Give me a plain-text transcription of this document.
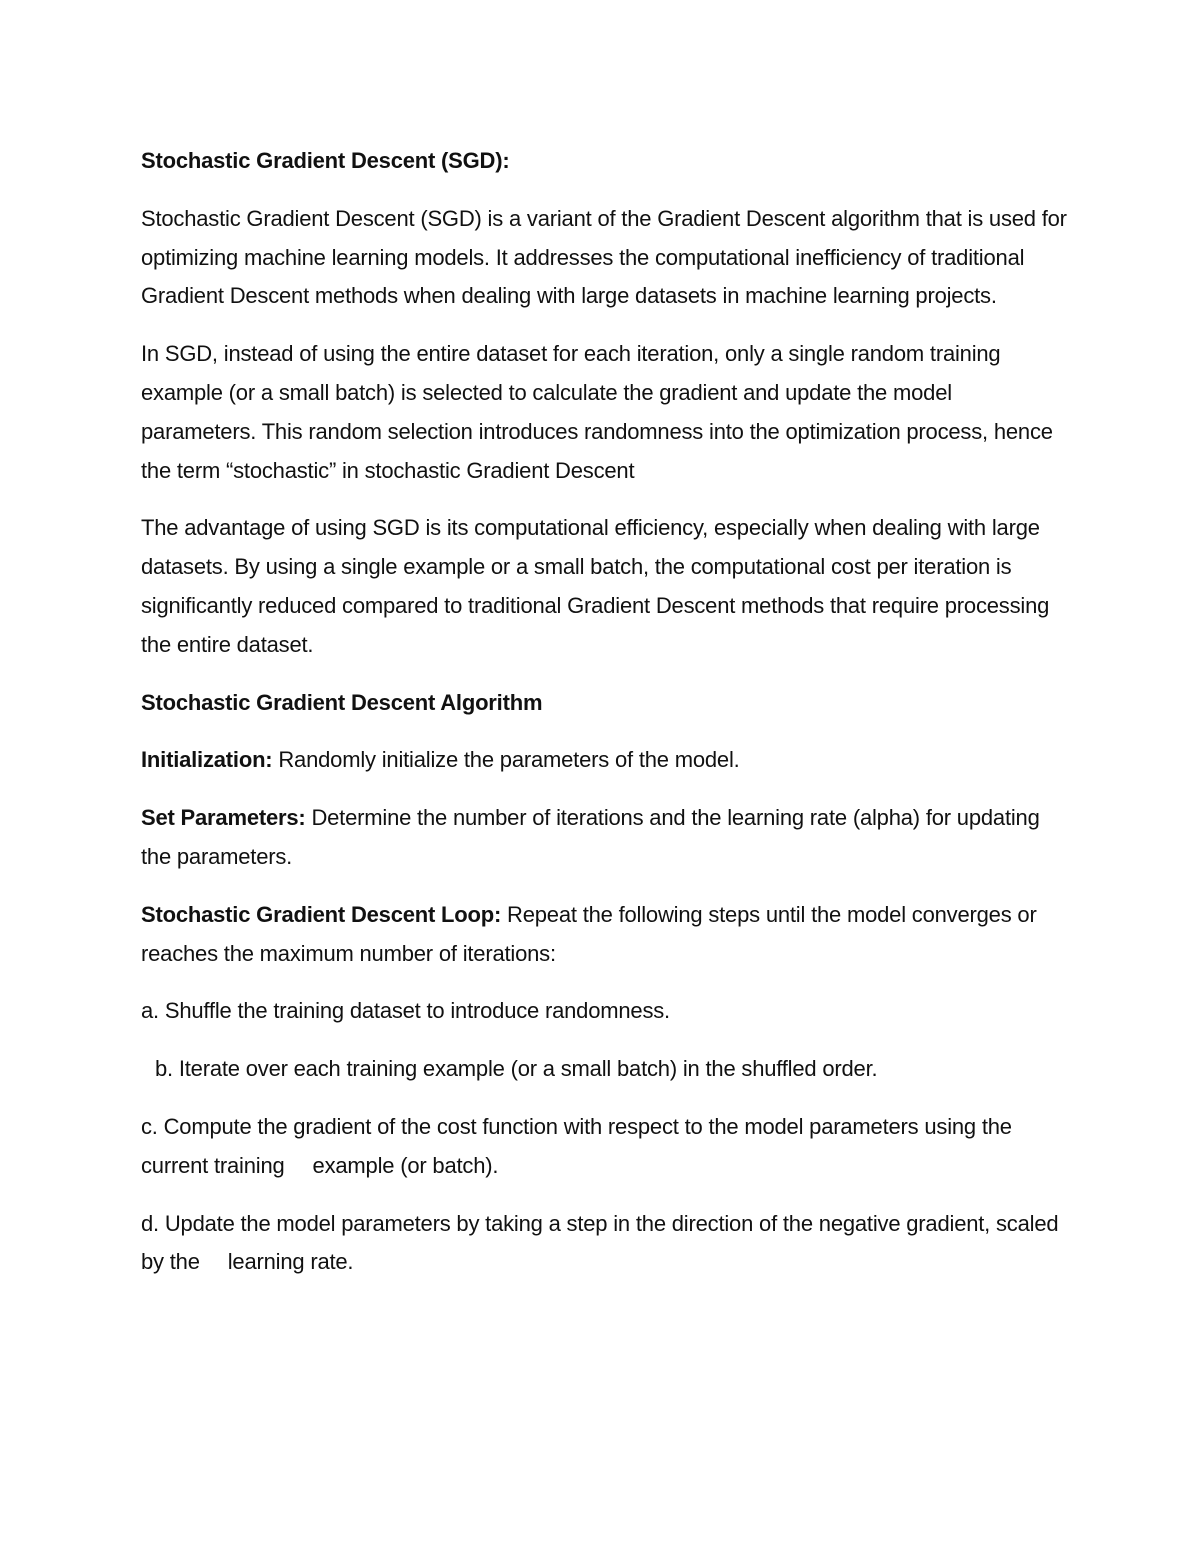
Stochastic Gradient Descent (SGD):

Stochastic Gradient Descent (SGD) is a variant of the Gradient Descent algorithm that is used for optimizing machine learning models. It addresses the computational inefficiency of traditional Gradient Descent methods when dealing with large datasets in machine learning projects.

In SGD, instead of using the entire dataset for each iteration, only a single random training example (or a small batch) is selected to calculate the gradient and update the model parameters. This random selection introduces randomness into the optimization process, hence the term “stochastic” in stochastic Gradient Descent

The advantage of using SGD is its computational efficiency, especially when dealing with large datasets. By using a single example or a small batch, the computational cost per iteration is significantly reduced compared to traditional Gradient Descent methods that require processing the entire dataset.

Stochastic Gradient Descent Algorithm

Initialization: Randomly initialize the parameters of the model.

Set Parameters: Determine the number of iterations and the learning rate (alpha) for updating the parameters.

Stochastic Gradient Descent Loop: Repeat the following steps until the model converges or reaches the maximum number of iterations:

a. Shuffle the training dataset to introduce randomness.

b. Iterate over each training example (or a small batch) in the shuffled order.

c. Compute the gradient of the cost function with respect to the model parameters using the current training example (or batch).

d. Update the model parameters by taking a step in the direction of the negative gradient, scaled by the learning rate.
